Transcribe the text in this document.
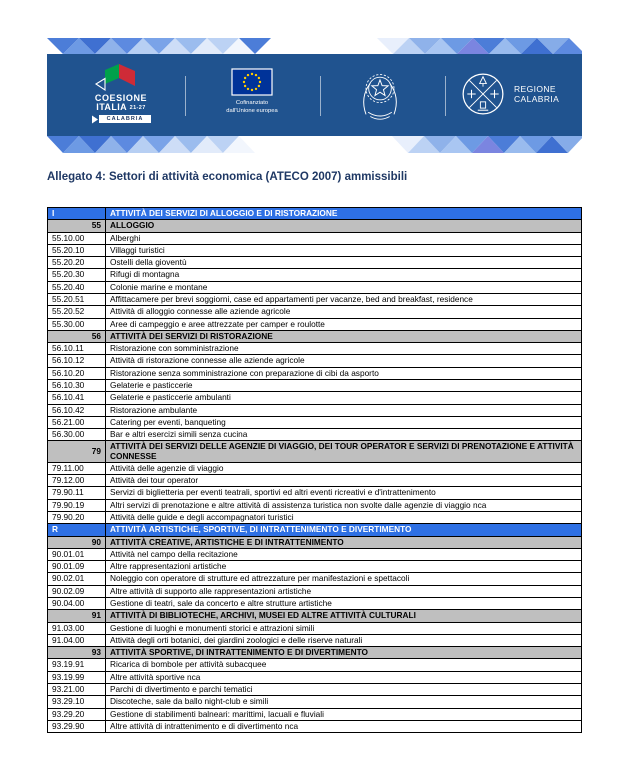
COESIONE
ITALIA 21-27
CALABRIA
Cofinanziato
dall'Unione europea
REGIONE
CALABRIA
Allegato 4: Settori di attività economica (ATECO 2007) ammissibili
I	ATTIVITÀ DEI SERVIZI DI ALLOGGIO E DI RISTORAZIONE
55	ALLOGGIO
55.10.00	Alberghi
55.20.10	Villaggi turistici
55.20.20	Ostelli della gioventù
55.20.30	Rifugi di montagna
55.20.40	Colonie marine e montane
55.20.51	Affittacamere per brevi soggiorni, case ed appartamenti per vacanze, bed and breakfast, residence
55.20.52	Attività di alloggio connesse alle aziende agricole
55.30.00	Aree di campeggio e aree attrezzate per camper e roulotte
56	ATTIVITÀ DEI SERVIZI DI RISTORAZIONE
56.10.11	Ristorazione con somministrazione
56.10.12	Attività di ristorazione connesse alle aziende agricole
56.10.20	Ristorazione senza somministrazione con preparazione di cibi da asporto
56.10.30	Gelaterie e pasticcerie
56.10.41	Gelaterie e pasticcerie ambulanti
56.10.42	Ristorazione ambulante
56.21.00	Catering per eventi, banqueting
56.30.00	Bar e altri esercizi simili senza cucina
79	ATTIVITÀ DEI SERVIZI DELLE AGENZIE DI VIAGGIO, DEI TOUR OPERATOR E SERVIZI DI PRENOTAZIONE E ATTIVITÀ CONNESSE
79.11.00	Attività delle agenzie di viaggio
79.12.00	Attività dei tour operator
79.90.11	Servizi di biglietteria per eventi teatrali, sportivi ed altri eventi ricreativi e d'intrattenimento
79.90.19	Altri servizi di prenotazione e altre attività di assistenza turistica non svolte dalle agenzie di viaggio nca
79.90.20	Attività delle guide e degli accompagnatori turistici
R	ATTIVITÀ ARTISTICHE, SPORTIVE, DI INTRATTENIMENTO E DIVERTIMENTO
90	ATTIVITÀ CREATIVE, ARTISTICHE E DI INTRATTENIMENTO
90.01.01	Attività nel campo della recitazione
90.01.09	Altre rappresentazioni artistiche
90.02.01	Noleggio con operatore di strutture ed attrezzature per manifestazioni e spettacoli
90.02.09	Altre attività di supporto alle rappresentazioni artistiche
90.04.00	Gestione di teatri, sale da concerto e altre strutture artistiche
91	ATTIVITÀ DI BIBLIOTECHE, ARCHIVI, MUSEI ED ALTRE ATTIVITÀ CULTURALI
91.03.00	Gestione di luoghi e monumenti storici e attrazioni simili
91.04.00	Attività degli orti botanici, dei giardini zoologici e delle riserve naturali
93	ATTIVITÀ SPORTIVE, DI INTRATTENIMENTO E DI DIVERTIMENTO
93.19.91	Ricarica di bombole per attività subacquee
93.19.99	Altre attività sportive nca
93.21.00	Parchi di divertimento e parchi tematici
93.29.10	Discoteche, sale da ballo night-club e simili
93.29.20	Gestione di stabilimenti balneari: marittimi, lacuali e fluviali
93.29.90	Altre attività di intrattenimento e di divertimento nca
